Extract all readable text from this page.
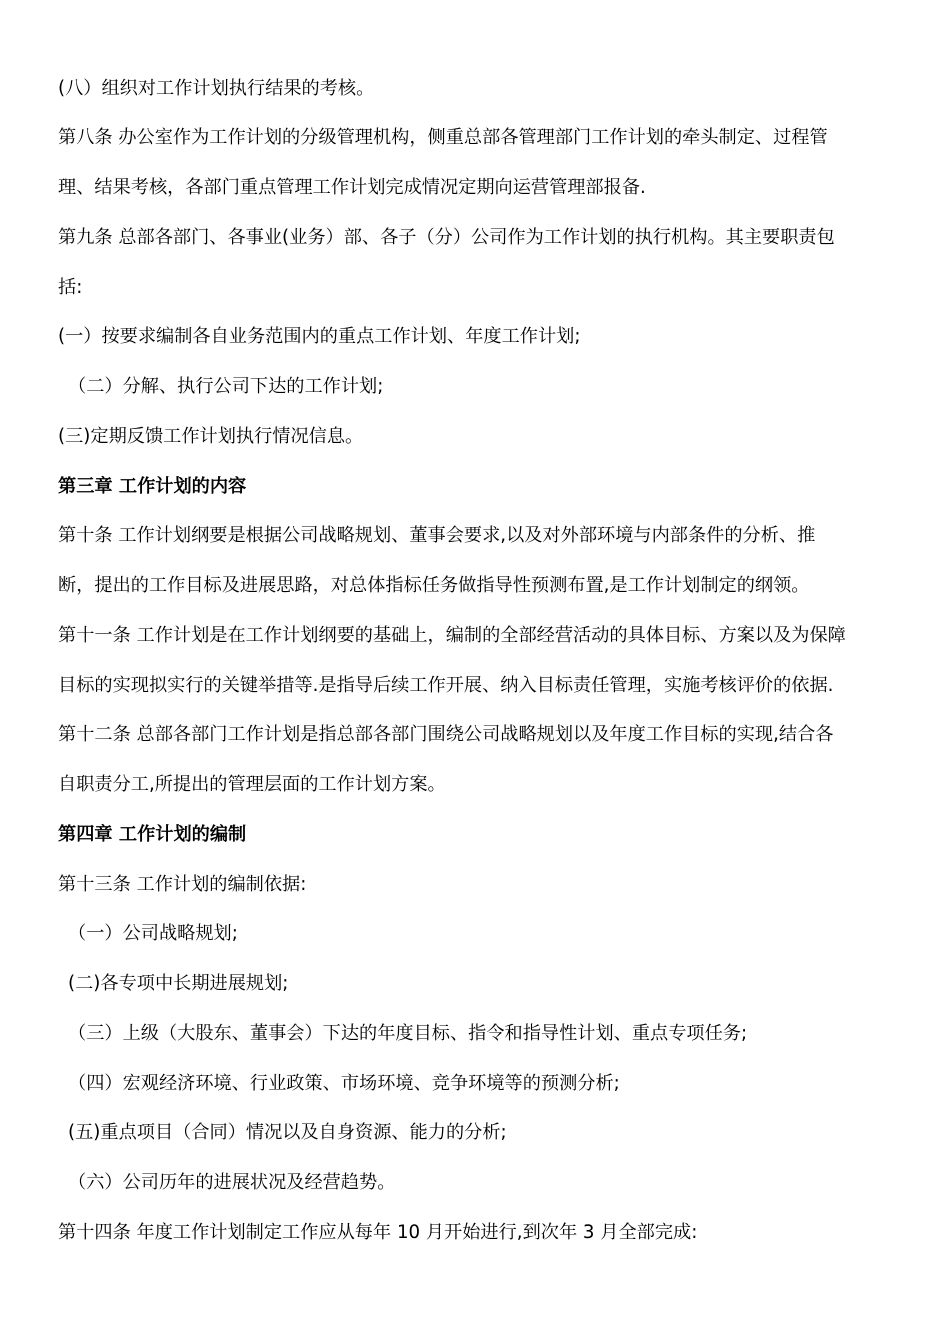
(八）组织对工作计划执行结果的考核。
第八条 办公室作为工作计划的分级管理机构，侧重总部各管理部门工作计划的牵头制定、过程管
理、结果考核，各部门重点管理工作计划完成情况定期向运营管理部报备.
第九条 总部各部门、各事业(业务）部、各子（分）公司作为工作计划的执行机构。其主要职责包
括:
(一）按要求编制各自业务范围内的重点工作计划、年度工作计划;
（二）分解、执行公司下达的工作计划;
(三)定期反馈工作计划执行情况信息。
第三章 工作计划的内容
第十条 工作计划纲要是根据公司战略规划、董事会要求,以及对外部环境与内部条件的分析、推
断，提出的工作目标及进展思路，对总体指标任务做指导性预测布置,是工作计划制定的纲领。
第十一条 工作计划是在工作计划纲要的基础上，编制的全部经营活动的具体目标、方案以及为保障
目标的实现拟实行的关键举措等.是指导后续工作开展、纳入目标责任管理，实施考核评价的依据.
第十二条 总部各部门工作计划是指总部各部门围绕公司战略规划以及年度工作目标的实现,结合各
自职责分工,所提出的管理层面的工作计划方案。
第四章 工作计划的编制
第十三条 工作计划的编制依据:
（一）公司战略规划;
(二)各专项中长期进展规划;
（三）上级（大股东、董事会）下达的年度目标、指令和指导性计划、重点专项任务;
（四）宏观经济环境、行业政策、市场环境、竞争环境等的预测分析;
(五)重点项目（合同）情况以及自身资源、能力的分析;
（六）公司历年的进展状况及经营趋势。
第十四条 年度工作计划制定工作应从每年 10 月开始进行,到次年 3 月全部完成:
